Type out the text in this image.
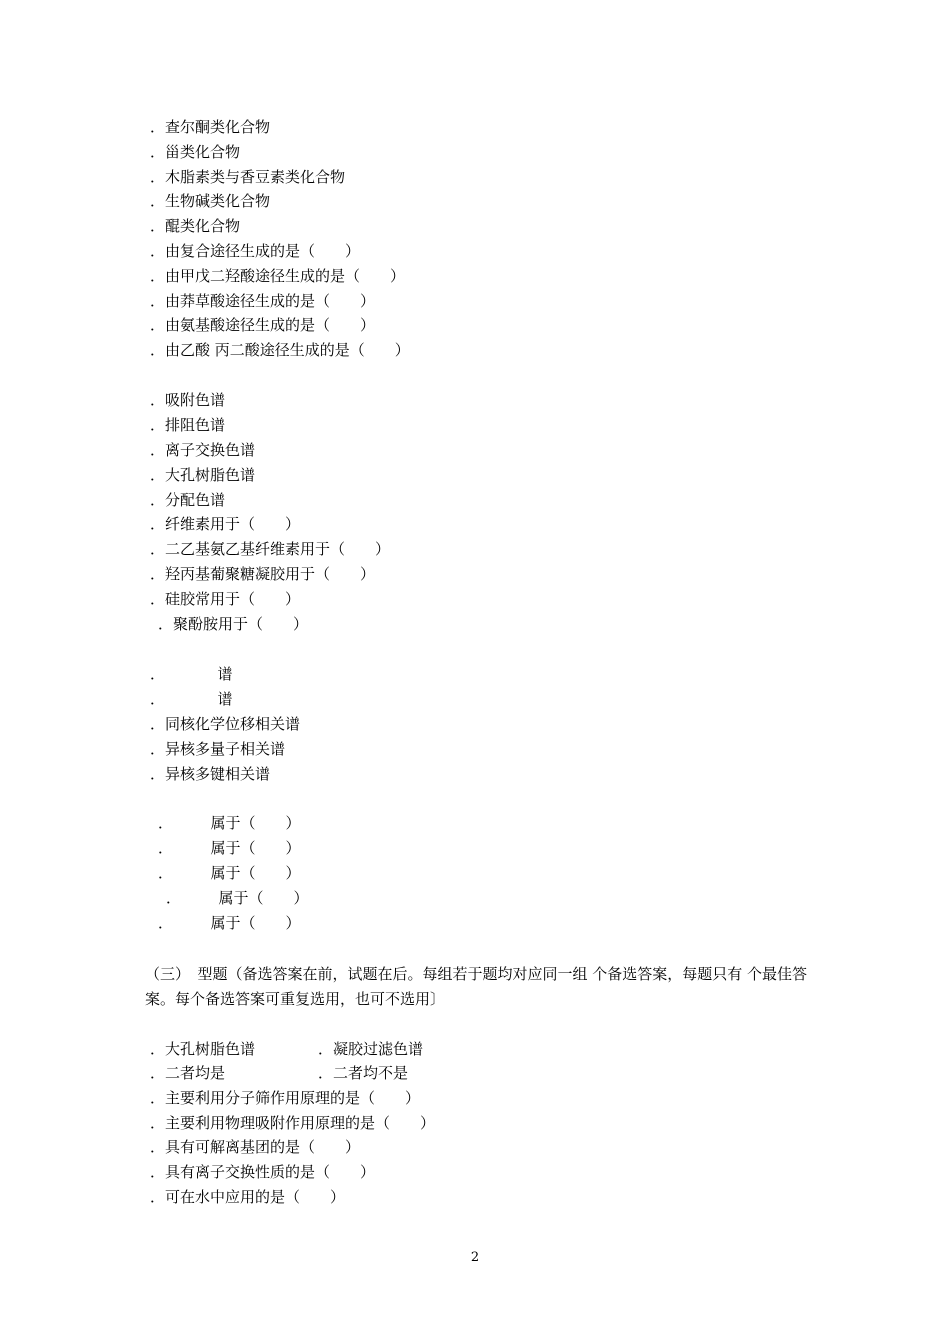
．查尔酮类化合物
．甾类化合物
．木脂素类与香豆素类化合物
．生物碱类化合物
．醌类化合物
．由复合途径生成的是（　　）
．由甲戊二羟酸途径生成的是（　　）
．由莽草酸途径生成的是（　　）
．由氨基酸途径生成的是（　　）
．由乙酸 丙二酸途径生成的是（　　）
．吸附色谱
．排阻色谱
．离子交换色谱
．大孔树脂色谱
．分配色谱
．纤维素用于（　　）
．二乙基氨乙基纤维素用于（　　）
．羟丙基葡聚糖凝胶用于（　　）
．硅胶常用于（　　）
．聚酚胺用于（　　）
．　　　　谱
．　　　　谱
．同核化学位移相关谱
．异核多量子相关谱
．异核多键相关谱
．　　　属于（　　）
．　　　属于（　　）
．　　　属于（　　）
．　　　属于（　　）
．　　　属于（　　）
（三）　型题（备选答案在前，试题在后。每组若于题均对应同一组 个备选答案，每题只有 个最佳答案。每个备选答案可重复选用，也可不选用〕
．大孔树脂色谱	．凝胶过滤色谱
．二者均是	．二者均不是
．主要利用分子筛作用原理的是（　　）
．主要利用物理吸附作用原理的是（　　）
．具有可解离基团的是（　　）
．具有离子交换性质的是（　　）
．可在水中应用的是（　　）
2
